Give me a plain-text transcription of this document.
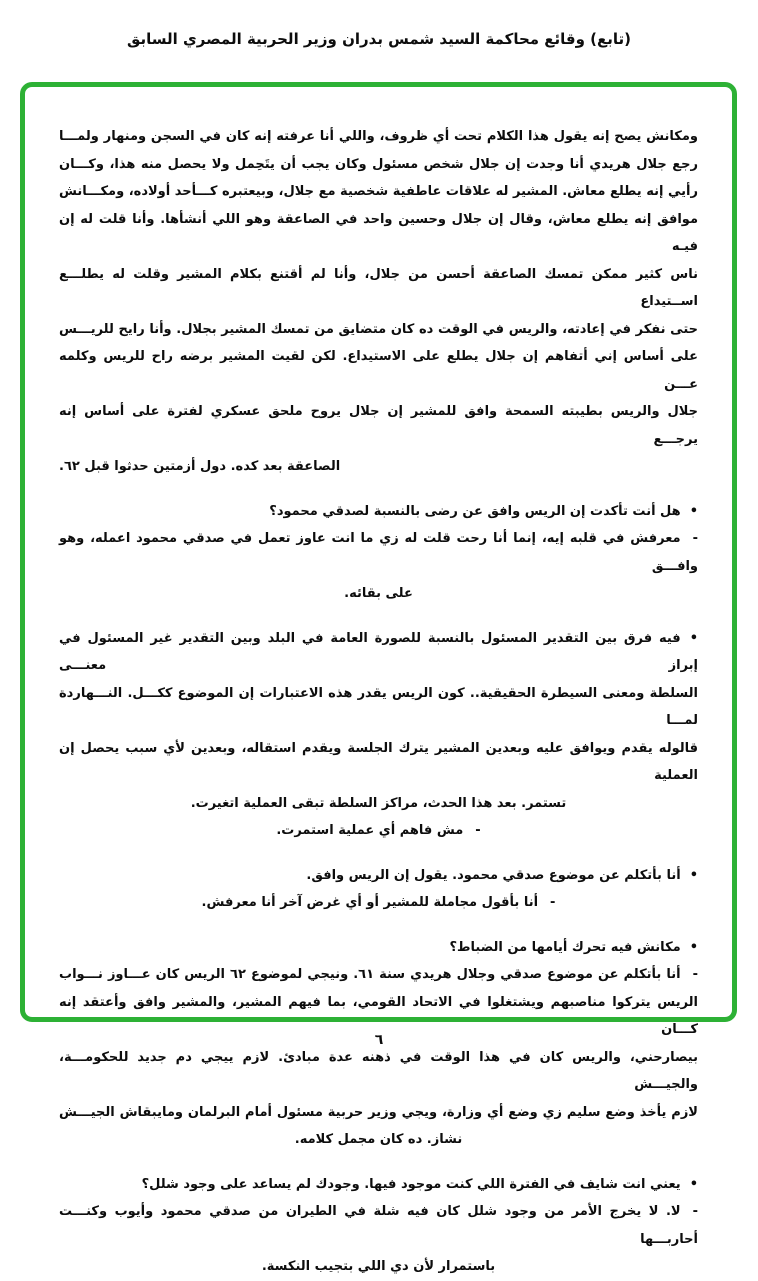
(تابع) وقائع محاكمة السيد شمس بدران وزير الحربية المصري السابق
ومكانش يصح إنه يقول هذا الكلام تحت أي ظروف، واللي أنا عرفته إنه كان في السجن ومنهار ولمـــا
رجع جلال هريدي أنا وجدت إن جلال شخص مسئول وكان يجب أن يتَحِمل ولا يحصل منه هذا، وكـــان
رأيي إنه يطلع معاش. المشير له علاقات عاطفية شخصية مع جلال، وبيعتبره كـــأحد أولاده، ومكـــانش
موافق إنه يطلع معاش، وقال إن جلال وحسين واحد في الصاعقة وهو اللي أنشأها. وأنا قلت له إن فيـه
ناس كثير ممكن تمسك الصاعقة أحسن من جلال، وأنا لم أقتنع بكلام المشير وقلت له يطلـــع اســتيداع
حتى نفكر في إعادته، والريس في الوقت ده كان متضايق من تمسك المشير بجلال. وأنا رايح للريـــس
على أساس إني أتفاهم إن جلال يطلع على الاستيداع. لكن لقيت المشير برضه راح للريس وكلمه عـــن
جلال والريس بطيبته السمحة وافق للمشير إن جلال يروح ملحق عسكري لفترة على أساس إنه يرجـــع
الصاعقة بعد كده. دول أزمتين حدثوا قبل ٦٢.
•هل أنت تأكدت إن الريس وافق عن رضى بالنسبة لصدقي محمود؟
-معرفش في قلبه إيه، إنما أنا رحت قلت له زي ما انت عاوز تعمل في صدقي محمود اعمله، وهو وافـــق
على بقائه.
•فيه فرق بين التقدير المسئول بالنسبة للصورة العامة في البلد وبين التقدير غير المسئول في إبراز معنـــى
السلطة ومعنى السيطرة الحقيقية.. كون الريس يقدر هذه الاعتبارات إن الموضوع ككـــل. النـــهاردة لمـــا
قالوله يقدم ويوافق عليه وبعدين المشير يترك الجلسة ويقدم استقاله، وبعدين لأي سبب يحصل إن العملية
تستمر. بعد هذا الحدث، مراكز السلطة تبقى العملية اتغيرت.
-مش فاهم أي عملية استمرت.
•أنا بأتكلم عن موضوع صدقي محمود. يقول إن الريس وافق.
-أنا بأقول مجاملة للمشير أو أي غرض آخر أنا معرفش.
•مكانش فيه تحرك أيامها من الضباط؟
-أنا بأتكلم عن موضوع صدقي وجلال هريدي سنة ٦١. ونيجي لموضوع ٦٢ الريس كان عـــاوز نـــواب
الريس يتركوا مناصبهم ويشتغلوا في الاتحاد القومي، بما فيهم المشير، والمشير وافق وأعتقد إنه كـــان
بيصارحني، والريس كان في هذا الوقت في ذهنه عدة مبادئ. لازم ييجي دم جديد للحكومـــة، والجيـــش
لازم يأخذ وضع سليم زي وضع أي وزارة، ويجي وزير حربية مسئول أمام البرلمان ومايبقاش الجيـــش
نشاز. ده كان مجمل كلامه.
•يعني انت شايف في الفترة اللي كنت موجود فيها. وجودك لم يساعد على وجود شلل؟
-لا. لا يخرج الأمر من وجود شلل كان فيه شلة في الطيران من صدقي محمود وأيوب وكنـــت أحاربـــها
باستمرار لأن دي اللي بتجيب النكسة.
٦
